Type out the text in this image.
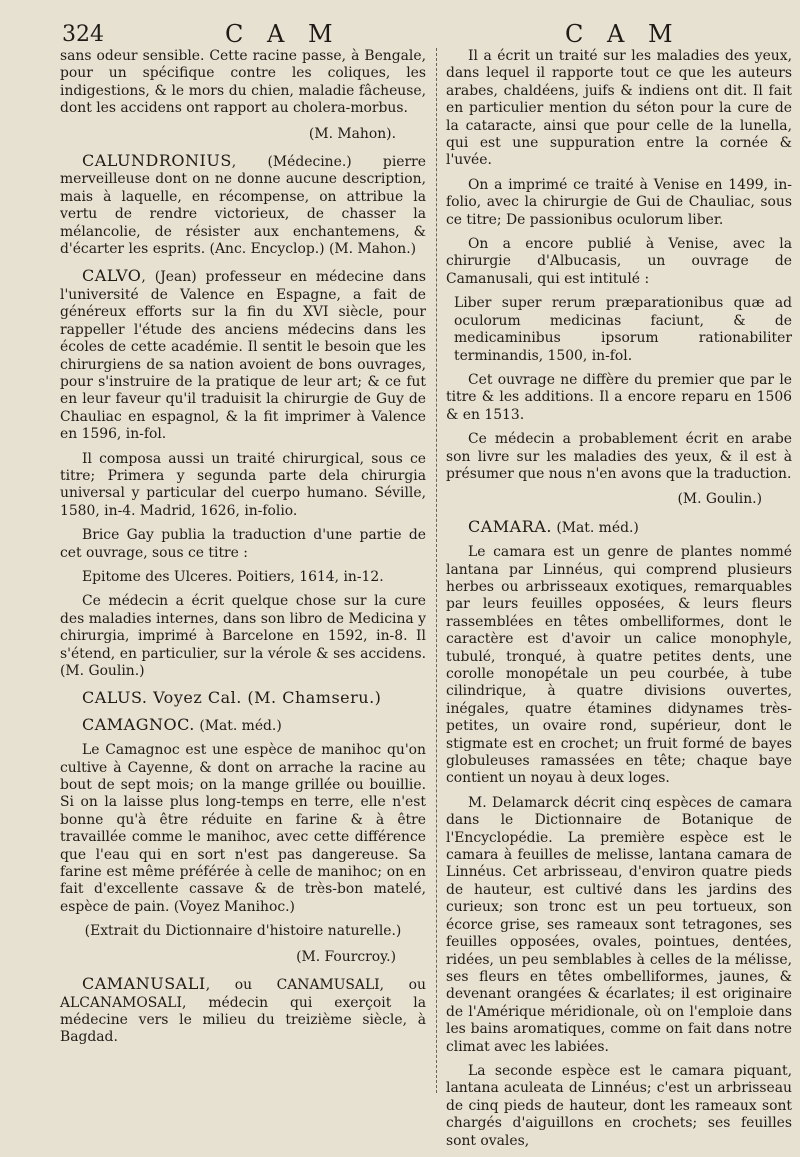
324	C A M	C A M

sans odeur sensible. Cette racine passe, à Bengale, pour un spécifique contre les coliques, les indigestions, & le mors du chien, maladie fâcheuse, dont les accidens ont rapport au cholera-morbus.

(M. Mahon).

CALUNDRONIUS, (Médecine.) pierre merveilleuse dont on ne donne aucune description, mais à laquelle, en récompense, on attribue la vertu de rendre victorieux, de chasser la mélancolie, de résister aux enchantemens, & d'écarter les esprits. (Anc. Encyclop.) (M. Mahon.)

CALVO, (Jean) professeur en médecine dans l'université de Valence en Espagne, a fait de généreux efforts sur la fin du XVI siècle, pour rappeller l'étude des anciens médecins dans les écoles de cette académie. Il sentit le besoin que les chirurgiens de sa nation avoient de bons ouvrages, pour s'instruire de la pratique de leur art; & ce fut en leur faveur qu'il traduisit la chirurgie de Guy de Chauliac en espagnol, & la fit imprimer à Valence en 1596, in-fol.

Il composa aussi un traité chirurgical, sous ce titre; Primera y segunda parte dela chirurgia universal y particular del cuerpo humano. Séville, 1580, in-4. Madrid, 1626, in-folio.

Brice Gay publia la traduction d'une partie de cet ouvrage, sous ce titre :

Epitome des Ulceres. Poitiers, 1614, in-12.

Ce médecin a écrit quelque chose sur la cure des maladies internes, dans son libro de Medicina y chirurgia, imprimé à Barcelone en 1592, in-8. Il s'étend, en particulier, sur la vérole & ses accidens. (M. Goulin.)

CALUS. Voyez Cal. (M. Chamseru.)

CAMAGNOC. (Mat. méd.)

Le Camagnoc est une espèce de manihoc qu'on cultive à Cayenne, & dont on arrache la racine au bout de sept mois; on la mange grillée ou bouillie. Si on la laisse plus long-temps en terre, elle n'est bonne qu'à être réduite en farine & à être travaillée comme le manihoc, avec cette différence que l'eau qui en sort n'est pas dangereuse. Sa farine est même préférée à celle de manihoc; on en fait d'excellente cassave & de très-bon matelé, espèce de pain. (Voyez Manihoc.)

(Extrait du Dictionnaire d'histoire naturelle.)

(M. Fourcroy.)

CAMANUSALI, ou CANAMUSALI, ou ALCANAMOSALI, médecin qui exerçoit la médecine vers le milieu du treizième siècle, à Bagdad.

Il a écrit un traité sur les maladies des yeux, dans lequel il rapporte tout ce que les auteurs arabes, chaldéens, juifs & indiens ont dit. Il fait en particulier mention du séton pour la cure de la cataracte, ainsi que pour celle de la lunella, qui est une suppuration entre la cornée & l'uvée.

On a imprimé ce traité à Venise en 1499, in-folio, avec la chirurgie de Gui de Chauliac, sous ce titre; De passionibus oculorum liber.

On a encore publié à Venise, avec la chirurgie d'Albucasis, un ouvrage de Camanusali, qui est intitulé :

Liber super rerum præparationibus quæ ad oculorum medicinas faciunt, & de medicaminibus ipsorum rationabiliter terminandis, 1500, in-fol.

Cet ouvrage ne diffère du premier que par le titre & les additions. Il a encore reparu en 1506 & en 1513.

Ce médecin a probablement écrit en arabe son livre sur les maladies des yeux, & il est à présumer que nous n'en avons que la traduction.

(M. Goulin.)

CAMARA. (Mat. méd.)

Le camara est un genre de plantes nommé lantana par Linnéus, qui comprend plusieurs herbes ou arbrisseaux exotiques, remarquables par leurs feuilles opposées, & leurs fleurs rassemblées en têtes ombelliformes, dont le caractère est d'avoir un calice monophyle, tubulé, tronqué, à quatre petites dents, une corolle monopétale un peu courbée, à tube cilindrique, à quatre divisions ouvertes, inégales, quatre étamines didynames très-petites, un ovaire rond, supérieur, dont le stigmate est en crochet; un fruit formé de bayes globuleuses ramassées en tête; chaque baye contient un noyau à deux loges.

M. Delamarck décrit cinq espèces de camara dans le Dictionnaire de Botanique de l'Encyclopédie. La première espèce est le camara à feuilles de melisse, lantana camara de Linnéus. Cet arbrisseau, d'environ quatre pieds de hauteur, est cultivé dans les jardins des curieux; son tronc est un peu tortueux, son écorce grise, ses rameaux sont tetragones, ses feuilles opposées, ovales, pointues, dentées, ridées, un peu semblables à celles de la mélisse, ses fleurs en têtes ombelliformes, jaunes, & devenant orangées & écarlates; il est originaire de l'Amérique méridionale, où on l'emploie dans les bains aromatiques, comme on fait dans notre climat avec les labiées.

La seconde espèce est le camara piquant, lantana aculeata de Linnéus; c'est un arbrisseau de cinq pieds de hauteur, dont les rameaux sont chargés d'aiguillons en crochets; ses feuilles sont ovales,
